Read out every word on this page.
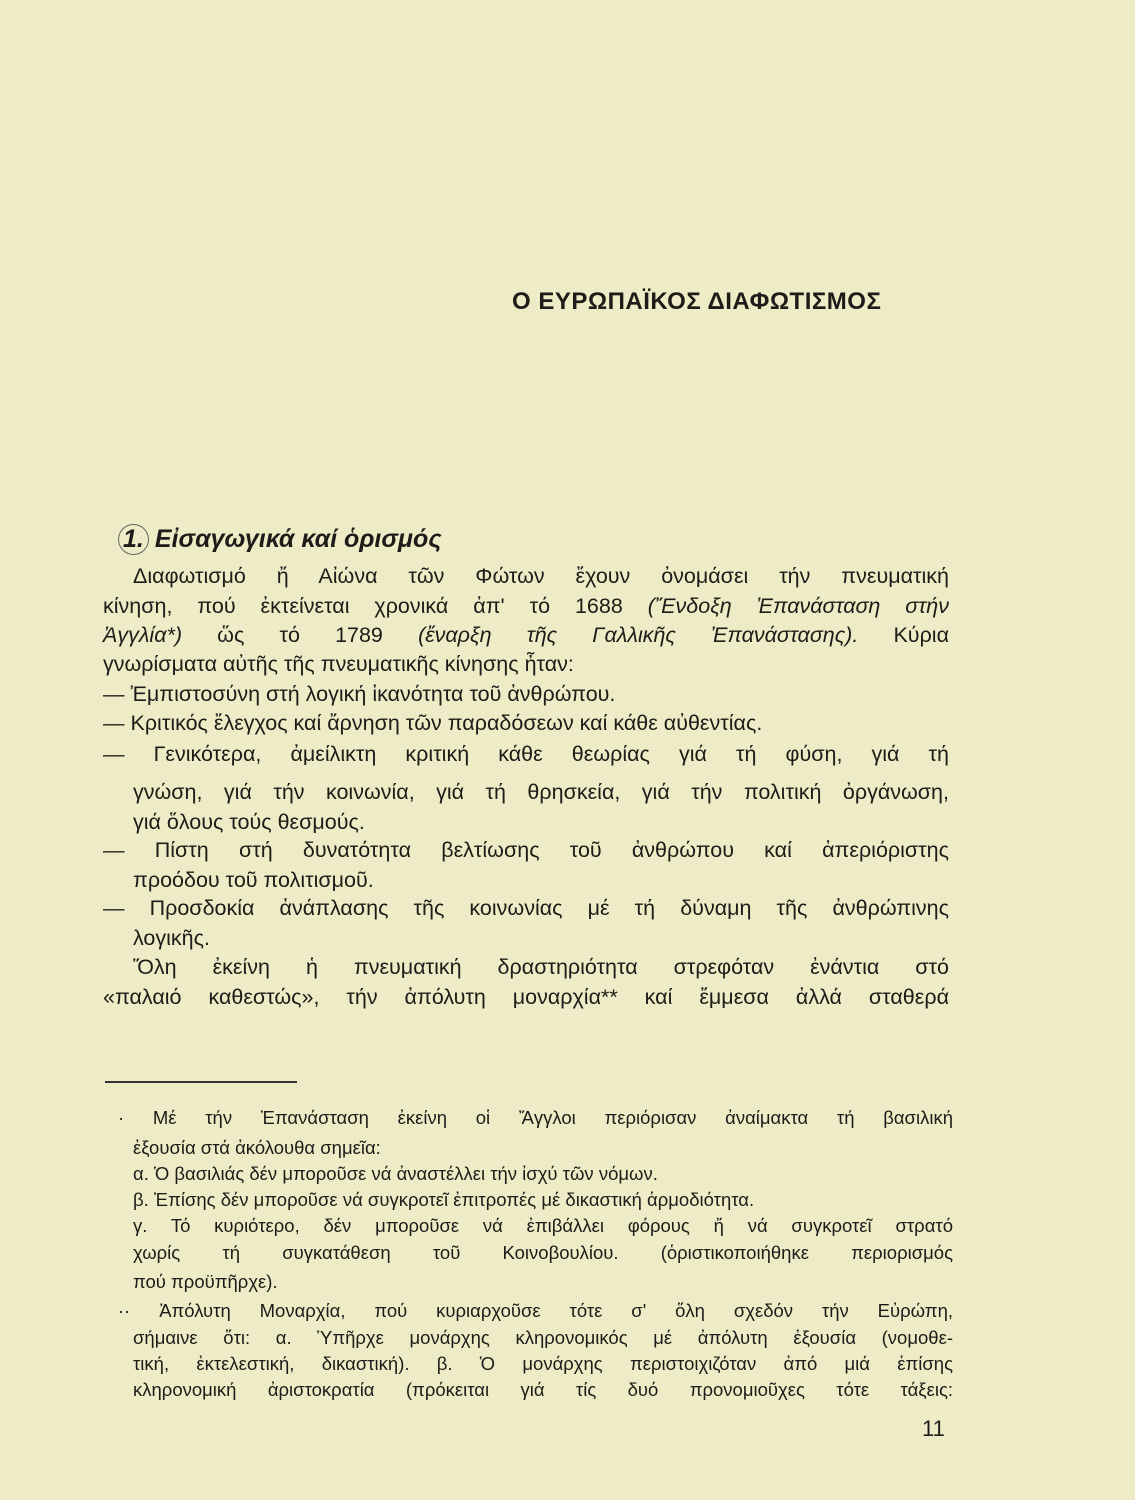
Ο ΕΥΡΩΠΑΪΚΟΣ ΔΙΑΦΩΤΙΣΜΟΣ
1. Εἰσαγωγικά καί ὁρισμός
Διαφωτισμό ἤ Αἰώνα τῶν Φώτων ἔχουν ὀνομάσει τήν πνευματική
κίνηση, πού ἐκτείνεται χρονικά ἀπ' τό 1688 (Ἔνδοξη Ἐπανάσταση στήν
Ἀγγλία*) ὥς τό 1789 (ἔναρξη τῆς Γαλλικῆς Ἐπανάστασης). Κύρια
γνωρίσματα αὐτῆς τῆς πνευματικῆς κίνησης ἦταν:
— Ἐμπιστοσύνη στή λογική ἱκανότητα τοῦ ἀνθρώπου.
— Κριτικός ἔλεγχος καί ἄρνηση τῶν παραδόσεων καί κάθε αὐθεντίας.
— Γενικότερα, ἀμείλικτη κριτική κάθε θεωρίας γιά τή φύση, γιά τή
γνώση, γιά τήν κοινωνία, γιά τή θρησκεία, γιά τήν πολιτική ὀργάνωση,
γιά ὅλους τούς θεσμούς.
— Πίστη στή δυνατότητα βελτίωσης τοῦ ἀνθρώπου καί ἀπεριόριστης
προόδου τοῦ πολιτισμοῦ.
— Προσδοκία ἀνάπλασης τῆς κοινωνίας μέ τή δύναμη τῆς ἀνθρώπινης
λογικῆς.
Ὅλη ἐκείνη ἡ πνευματική δραστηριότητα στρεφόταν ἐνάντια στό
«παλαιό καθεστώς», τήν ἀπόλυτη μοναρχία** καί ἔμμεσα ἀλλά σταθερά
· Μέ τήν Ἐπανάσταση ἐκείνη οἱ Ἄγγλοι περιόρισαν ἀναίμακτα τή βασιλική
ἐξουσία στά ἀκόλουθα σημεῖα:
α. Ὁ βασιλιάς δέν μποροῦσε νά ἀναστέλλει τήν ἰσχύ τῶν νόμων.
β. Ἐπίσης δέν μποροῦσε νά συγκροτεῖ ἐπιτροπές μέ δικαστική ἁρμοδιότητα.
γ. Τό κυριότερο, δέν μποροῦσε νά ἐπιβάλλει φόρους ἤ νά συγκροτεῖ στρατό
χωρίς τή συγκατάθεση τοῦ Κοινοβουλίου. (ὁριστικοποιήθηκε περιορισμός
πού προϋπῆρχε).
·· Ἀπόλυτη Μοναρχία, πού κυριαρχοῦσε τότε σ' ὅλη σχεδόν τήν Εὐρώπη,
σήμαινε ὅτι: α. Ὑπῆρχε μονάρχης κληρονομικός μέ ἀπόλυτη ἐξουσία (νομοθε-
τική, ἐκτελεστική, δικαστική). β. Ὁ μονάρχης περιστοιχιζόταν ἀπό μιά ἐπίσης
κληρονομική ἀριστοκρατία (πρόκειται γιά τίς δυό προνομιοῦχες τότε τάξεις:
11
